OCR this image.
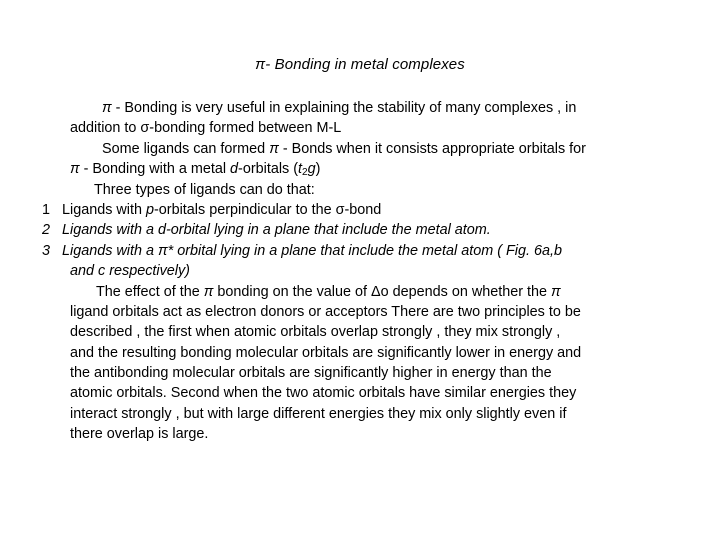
π- Bonding in metal complexes
π - Bonding is very useful in explaining the stability of many complexes , in
addition to σ-bonding formed between M-L
Some ligands can formed π - Bonds when it consists appropriate orbitals for
π - Bonding with a metal d-orbitals $(t_2g)$
Three types of ligands can do that:
1 Ligands with p-orbitals perpindicular to the σ-bond
2 Ligands with a d-orbital lying in a plane that include the metal atom.
3 Ligands with a π* orbital lying in a plane that include the metal atom ( Fig. 6a,b
and c respectively)
The effect of the π bonding on the value of Δo depends on whether the π
ligand orbitals act as electron donors or acceptors There are two principles to be
described , the first when atomic orbitals overlap strongly , they mix strongly ,
and the resulting bonding molecular orbitals are significantly lower in energy and
the antibonding molecular orbitals are significantly higher in energy than the
atomic orbitals. Second when the two atomic orbitals have similar energies they
interact strongly , but with large different energies they mix only slightly even if
there overlap is large.
